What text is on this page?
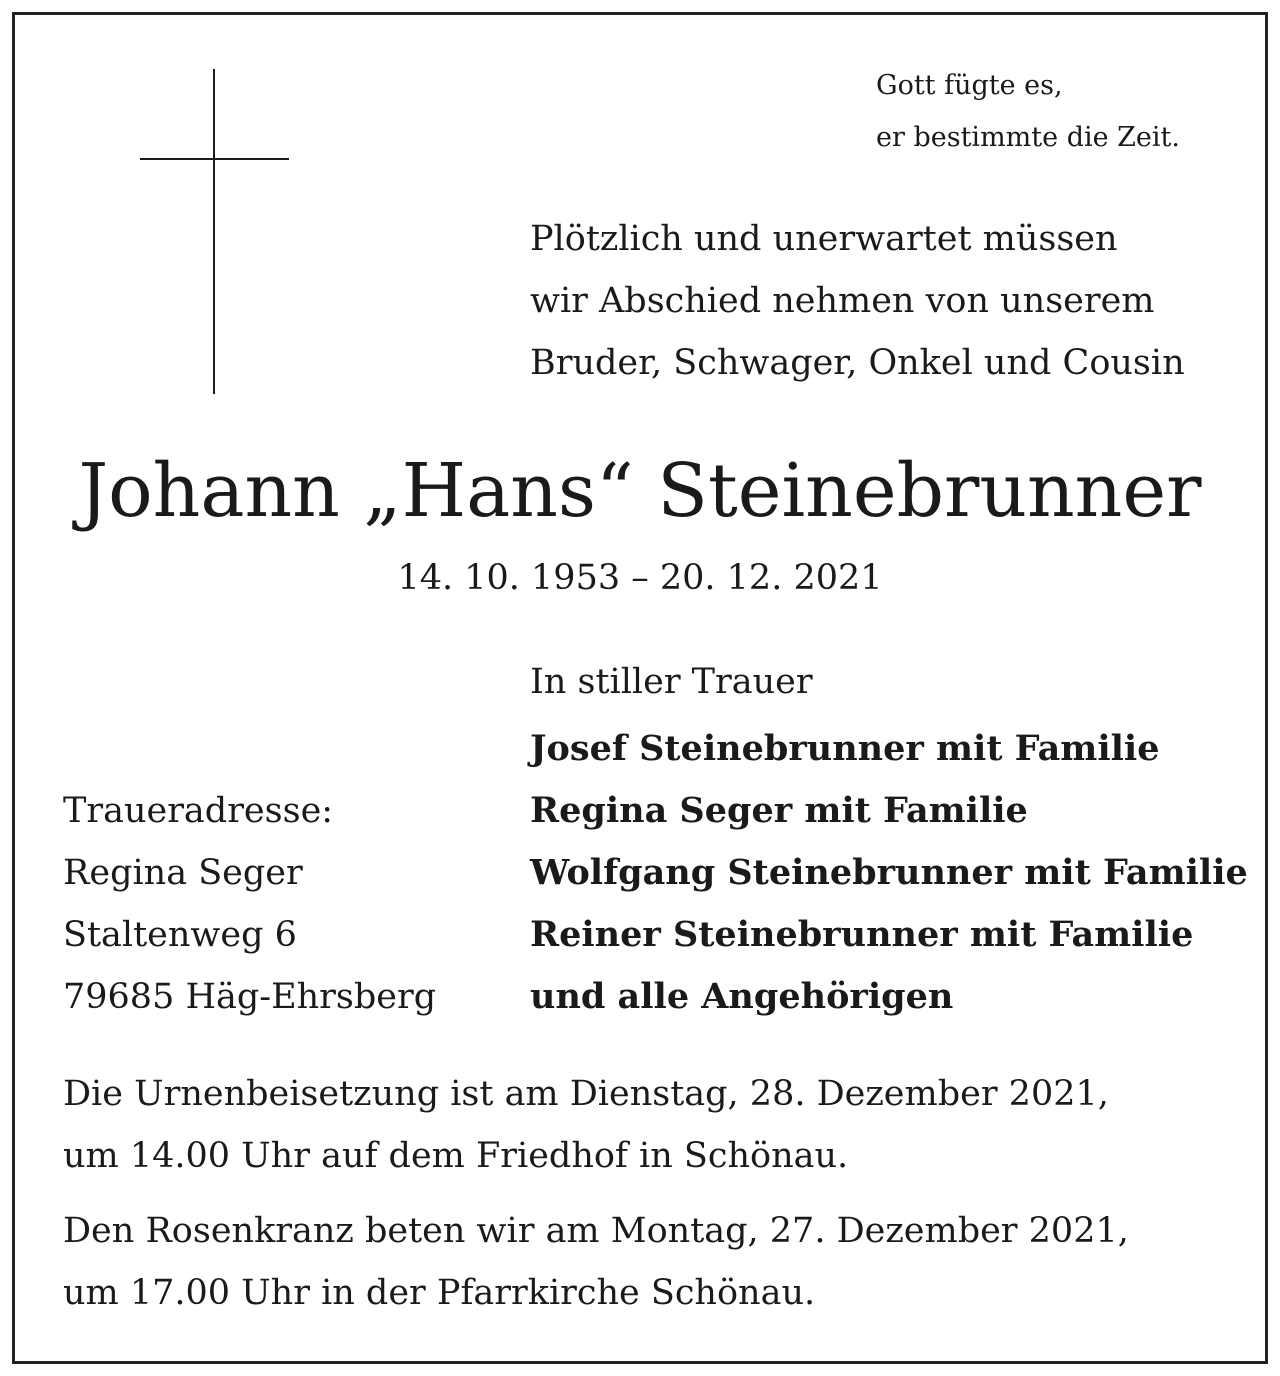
Gott fügte es,
er bestimmte die Zeit.
Plötzlich und unerwartet müssen
wir Abschied nehmen von unserem
Bruder, Schwager, Onkel und Cousin
Johann „Hans“ Steinebrunner
14. 10. 1953 – 20. 12. 2021
In stiller Trauer
Josef Steinebrunner mit Familie
Regina Seger mit Familie
Wolfgang Steinebrunner mit Familie
Reiner Steinebrunner mit Familie
und alle Angehörigen
Traueradresse:
Regina Seger
Staltenweg 6
79685 Häg-Ehrsberg
Die Urnenbeisetzung ist am Dienstag, 28. Dezember 2021,
um 14.00 Uhr auf dem Friedhof in Schönau.
Den Rosenkranz beten wir am Montag, 27. Dezember 2021,
um 17.00 Uhr in der Pfarrkirche Schönau.
